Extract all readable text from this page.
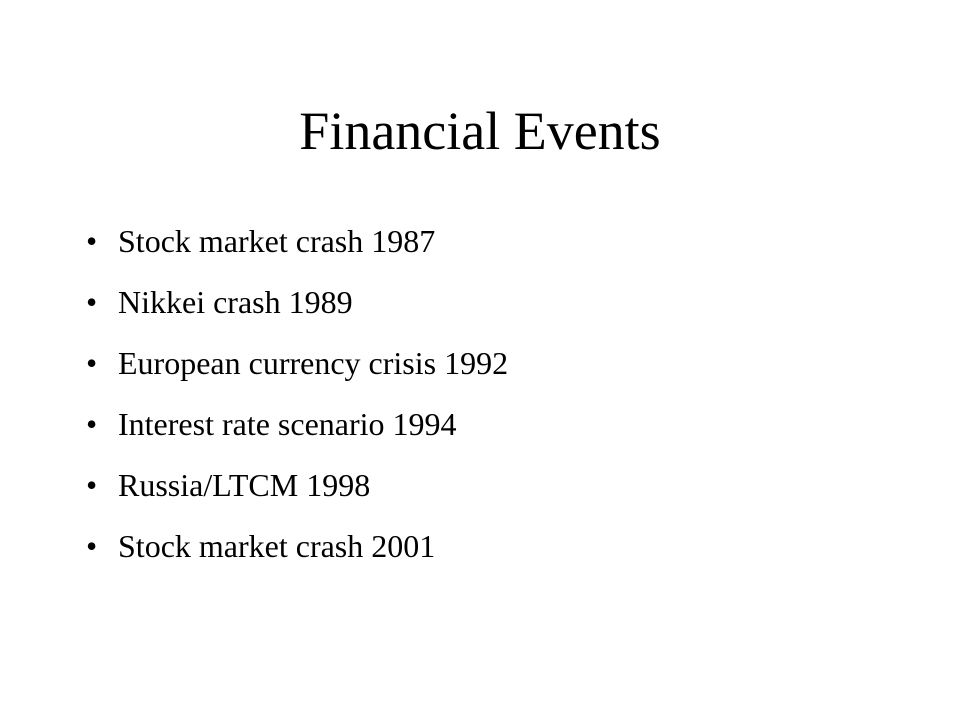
Financial Events
• Stock market crash 1987
• Nikkei crash 1989
• European currency crisis 1992
• Interest rate scenario 1994
• Russia/LTCM 1998
• Stock market crash 2001
